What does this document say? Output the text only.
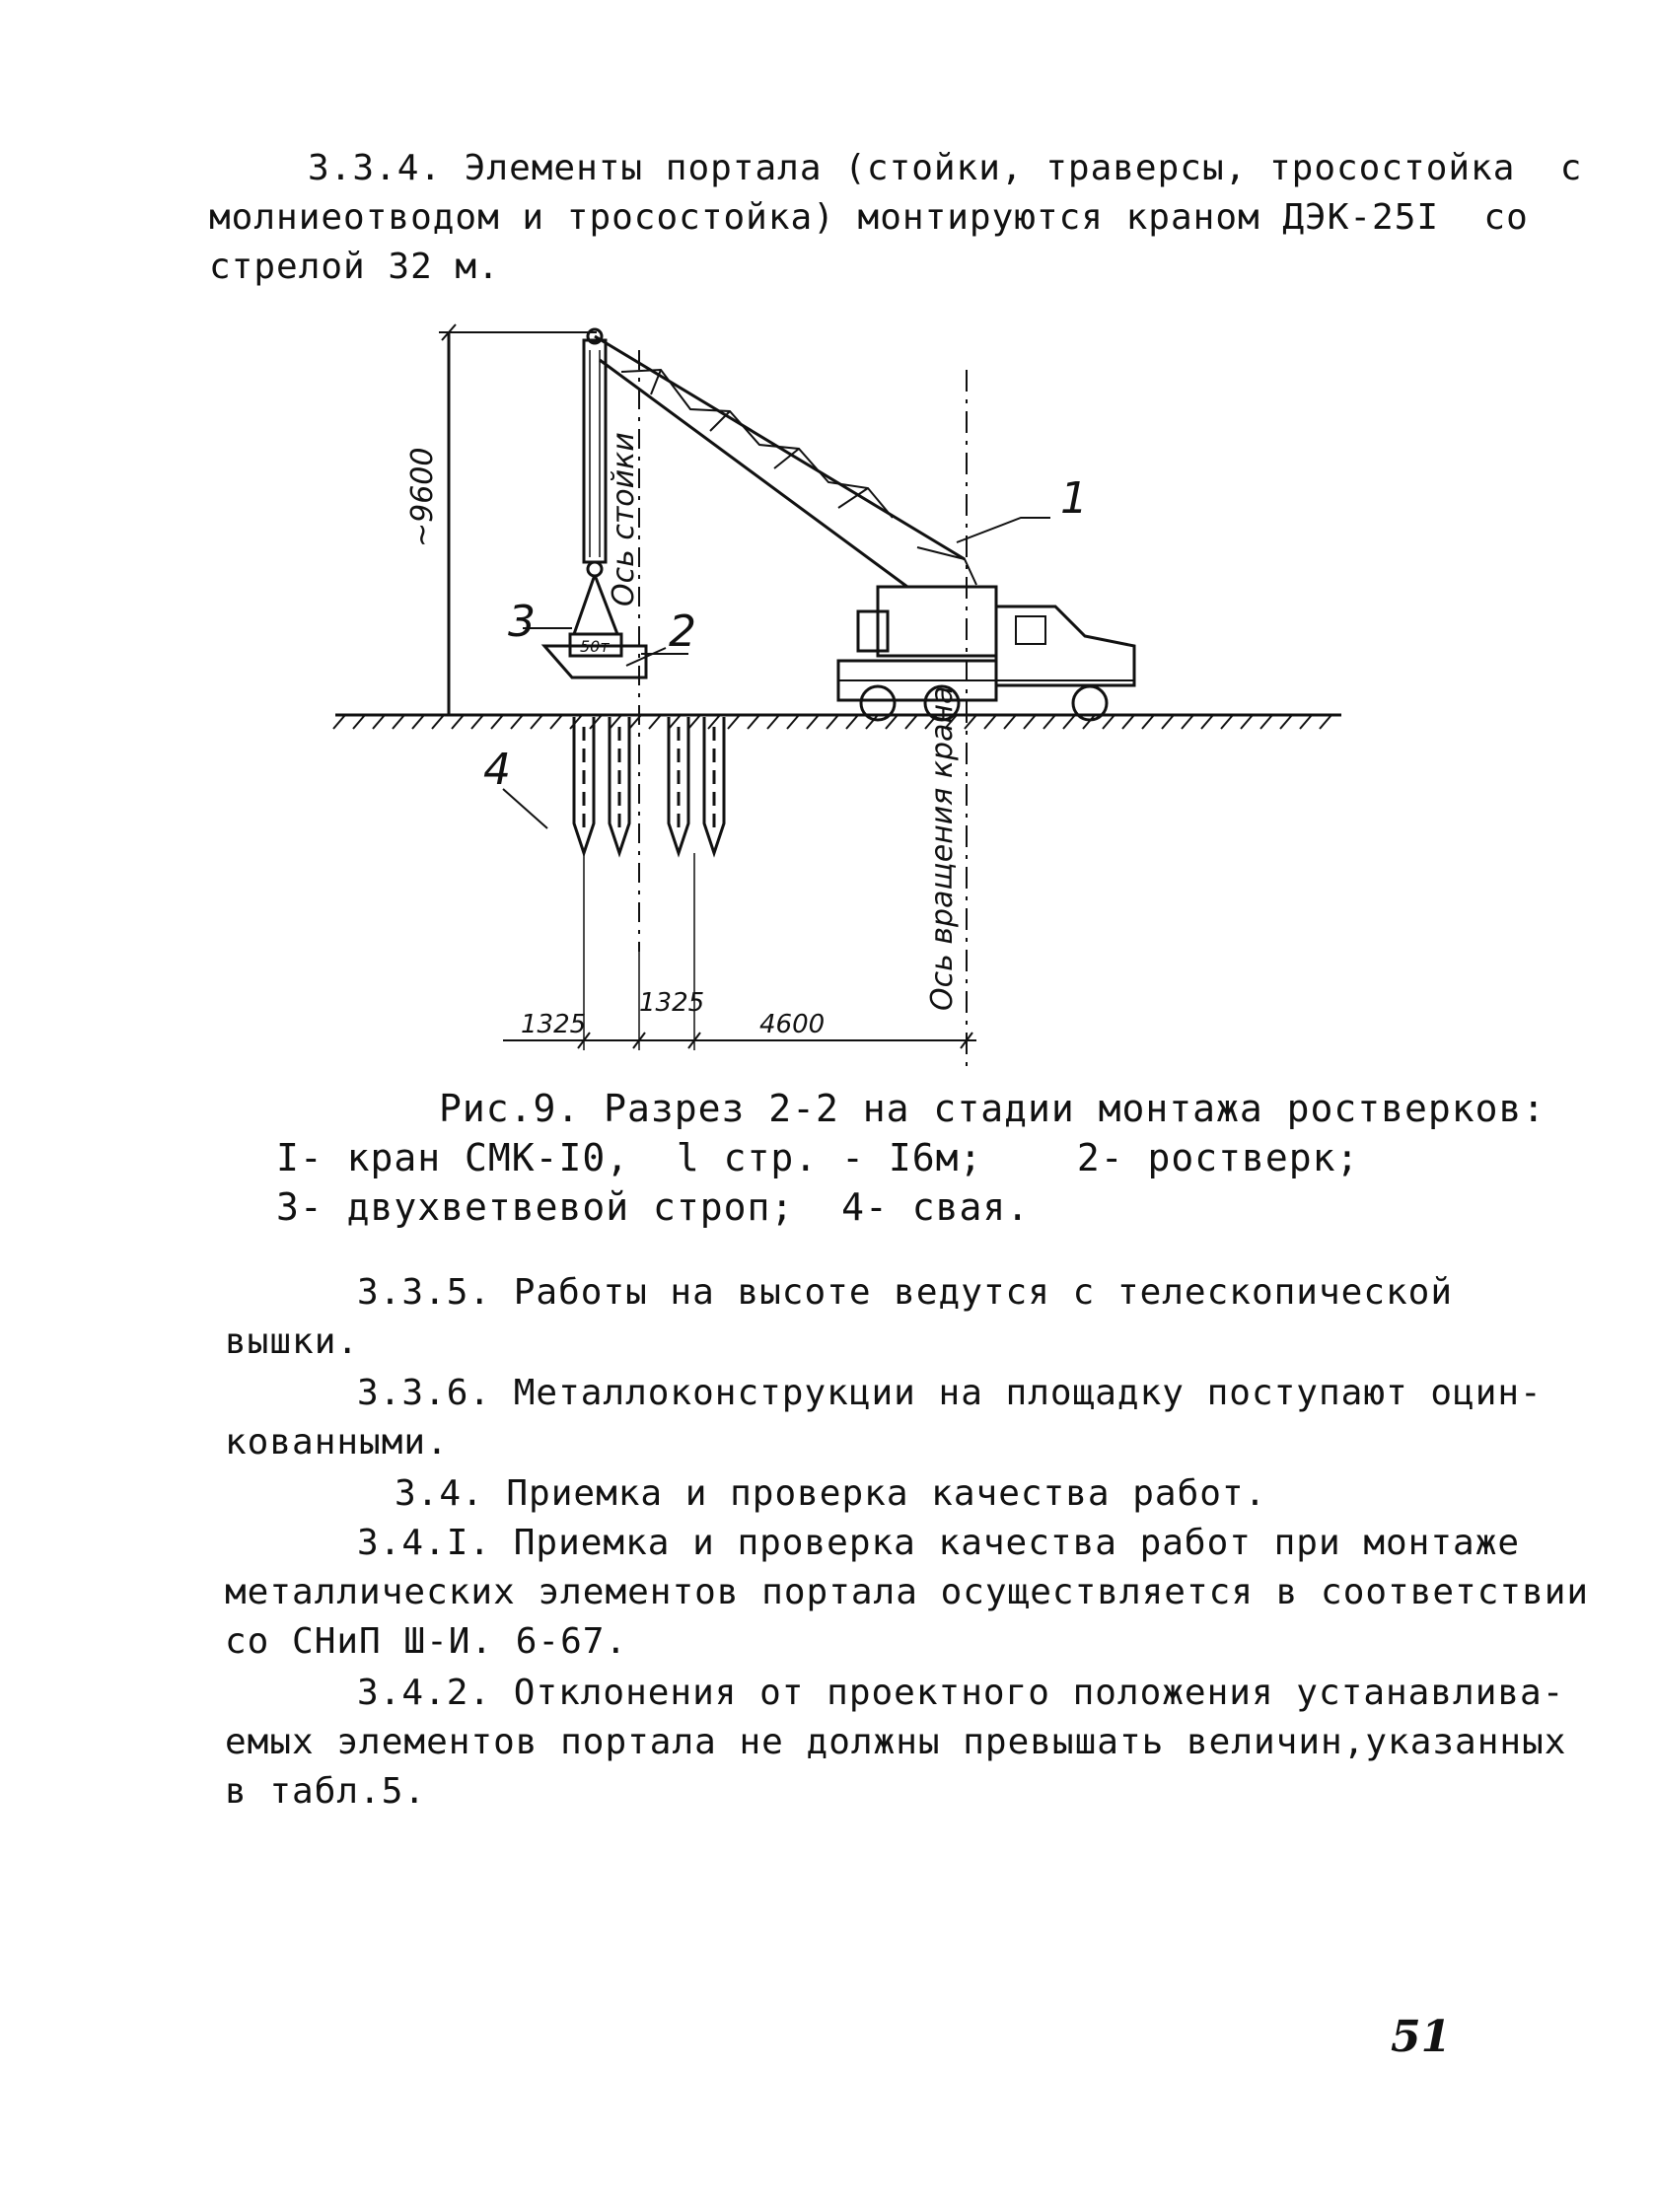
3.3.4. Элементы портала (стойки, траверсы, тросостойка  с
молниеотводом и тросостойка) монтируются краном ДЭК-25I  со
стрелой 32 м.
~9600	Ось стойки
Ось вращения крана
1
2
3
4
50т
1325
1325
4600
Рис.9. Разрез 2-2 на стадии монтажа ростверков:
I- кран СМК-I0,  l стр. - I6м;    2- ростверк;
3- двухветвевой строп;  4- свая.
3.3.5. Работы на высоте ведутся с телескопической
вышки.
3.3.6. Металлоконструкции на площадку поступают оцин-
кованными.
3.4. Приемка и проверка качества работ.
3.4.I. Приемка и проверка качества работ при монтаже
металлических элементов портала осуществляется в соответствии
со СНиП Ш-И. 6-67.
3.4.2. Отклонения от проектного положения устанавлива-
емых элементов портала не должны превышать величин,указанных
в табл.5.
51
